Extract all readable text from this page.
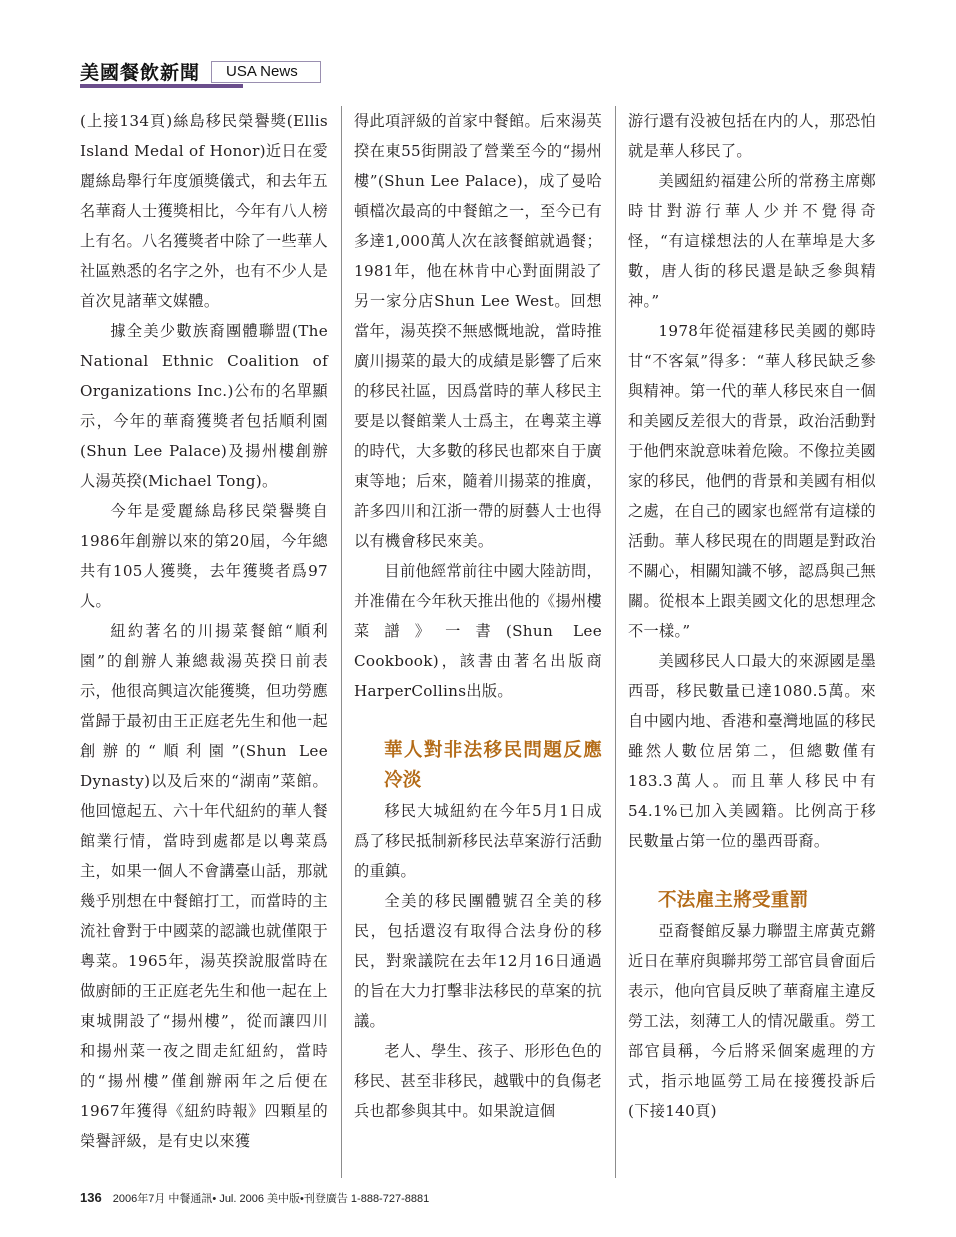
美國餐飲新聞	USA News

(上接134頁)絲島移民榮譽獎(Ellis Island Medal of Honor)近日在愛麗絲島舉行年度頒獎儀式，和去年五名華裔人士獲獎相比，今年有八人榜上有名。八名獲獎者中除了一些華人社區熟悉的名字之外，也有不少人是首次見諸華文媒體。

據全美少數族裔團體聯盟(The National Ethnic Coalition of Organizations Inc.)公布的名單顯示，今年的華裔獲獎者包括順利園(Shun Lee Palace)及揚州樓創辦人湯英揆(Michael Tong)。

今年是愛麗絲島移民榮譽獎自1986年創辦以來的第20屆，今年總共有105人獲獎，去年獲獎者爲97人。

紐約著名的川揚菜餐館“順利園”的創辦人兼總裁湯英揆日前表示，他很高興這次能獲獎，但功勞應當歸于最初由王正庭老先生和他一起創辦的“順利園”(Shun Lee Dynasty)以及后來的“湖南”菜館。他回憶起五、六十年代紐約的華人餐館業行情，當時到處都是以粵菜爲主，如果一個人不會講臺山話，那就幾乎別想在中餐館打工，而當時的主流社會對于中國菜的認識也就僅限于粵菜。1965年，湯英揆說服當時在做廚師的王正庭老先生和他一起在上東城開設了“揚州樓”，從而讓四川和揚州菜一夜之間走紅紐約，當時的“揚州樓”僅創辦兩年之后便在1967年獲得《紐約時報》四顆星的榮譽評級，是有史以來獲

得此項評級的首家中餐館。后來湯英揆在東55街開設了營業至今的“揚州樓”(Shun Lee Palace)，成了曼哈頓檔次最高的中餐館之一，至今已有多達1,000萬人次在該餐館就過餐；1981年，他在林肯中心對面開設了另一家分店Shun Lee West。回想當年，湯英揆不無感慨地說，當時推廣川揚菜的最大的成績是影響了后來的移民社區，因爲當時的華人移民主要是以餐館業人士爲主，在粵菜主導的時代，大多數的移民也都來自于廣東等地；后來，隨着川揚菜的推廣，許多四川和江浙一帶的厨藝人士也得以有機會移民來美。

目前他經常前往中國大陸訪問，并准備在今年秋天推出他的《揚州樓菜譜》一書(Shun Lee Cookbook)，該書由著名出版商HarperCollins出版。

華人對非法移民問題反應冷淡

移民大城紐約在今年5月1日成爲了移民抵制新移民法草案游行活動的重鎮。

全美的移民團體號召全美的移民，包括還沒有取得合法身份的移民，對衆議院在去年12月16日通過的旨在大力打擊非法移民的草案的抗議。

老人、學生、孩子、形形色色的移民、甚至非移民，越戰中的負傷老兵也都參與其中。如果說這個

游行還有没被包括在内的人，那恐怕就是華人移民了。

美國紐約福建公所的常務主席鄭時甘對游行華人少并不覺得奇怪，“有這樣想法的人在華埠是大多數，唐人街的移民還是缺乏參與精神。”

1978年從福建移民美國的鄭時甘“不客氣”得多：“華人移民缺乏參與精神。第一代的華人移民來自一個和美國反差很大的背景，政治活動對于他們來說意味着危險。不像拉美國家的移民，他們的背景和美國有相似之處，在自己的國家也經常有這樣的活動。華人移民現在的問題是對政治不關心，相關知識不够，認爲與己無關。從根本上跟美國文化的思想理念不一樣。”

美國移民人口最大的來源國是墨西哥，移民數量已達1080.5萬。來自中國内地、香港和臺灣地區的移民雖然人數位居第二，但總數僅有183.3萬人。而且華人移民中有54.1%已加入美國籍。比例高于移民數量占第一位的墨西哥裔。

不法雇主將受重罰

亞裔餐館反暴力聯盟主席黃克鏘近日在華府與聯邦勞工部官員會面后表示，他向官員反映了華裔雇主違反勞工法，刻薄工人的情况嚴重。勞工部官員稱，今后將采個案處理的方式，指示地區勞工局在接獲投訴后(下接140頁)

136 2006年7月 中餐通訊• Jul. 2006 美中版•刊登廣告 1-888-727-8881
